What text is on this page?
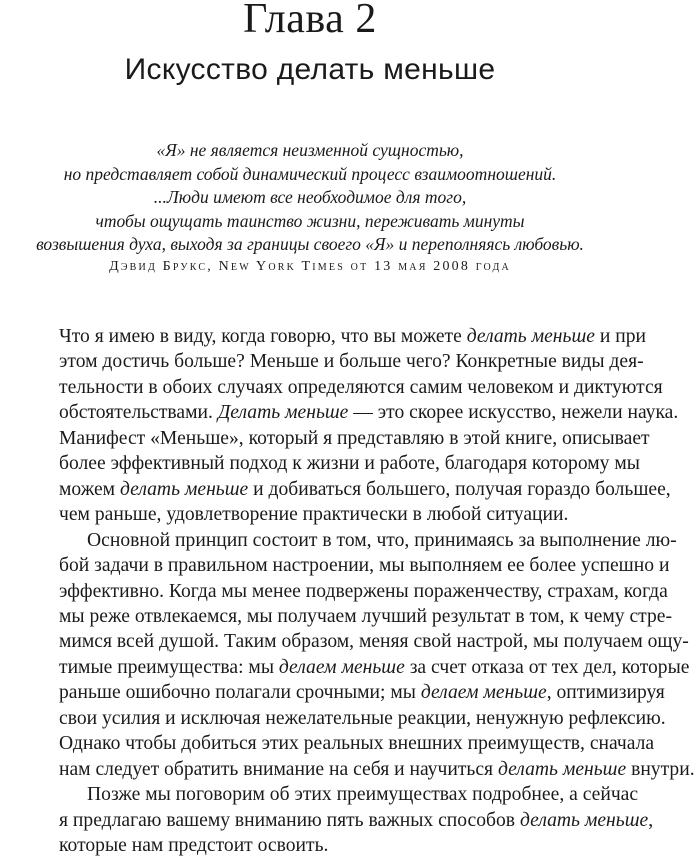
Глава 2
Искусство делать меньше
«Я» не является неизменной сущностью,
но представляет собой динамический процесс взаимоотношений.
...Люди имеют все необходимое для того,
чтобы ощущать таинство жизни, переживать минуты
возвышения духа, выходя за границы своего «Я» и переполняясь любовью.
Дэвид Брукс, New York Times от 13 мая 2008 года
Что я имею в виду, когда говорю, что вы можете делать меньше и при
этом достичь больше? Меньше и больше чего? Конкретные виды дея-
тельности в обоих случаях определяются самим человеком и диктуются
обстоятельствами. Делать меньше — это скорее искусство, нежели наука.
Манифест «Меньше», который я представляю в этой книге, описывает
более эффективный подход к жизни и работе, благодаря которому мы
можем делать меньше и добиваться большего, получая гораздо большее,
чем раньше, удовлетворение практически в любой ситуации.
Основной принцип состоит в том, что, принимаясь за выполнение лю-
бой задачи в правильном настроении, мы выполняем ее более успешно и
эффективно. Когда мы менее подвержены пораженчеству, страхам, когда
мы реже отвлекаемся, мы получаем лучший результат в том, к чему стре-
мимся всей душой. Таким образом, меняя свой настрой, мы получаем ощу-
тимые преимущества: мы делаем меньше за счет отказа от тех дел, которые
раньше ошибочно полагали срочными; мы делаем меньше, оптимизируя
свои усилия и исключая нежелательные реакции, ненужную рефлексию.
Однако чтобы добиться этих реальных внешних преимуществ, сначала
нам следует обратить внимание на себя и научиться делать меньше внутри.
Позже мы поговорим об этих преимуществах подробнее, а сейчас
я предлагаю вашему вниманию пять важных способов делать меньше,
которые нам предстоит освоить.
